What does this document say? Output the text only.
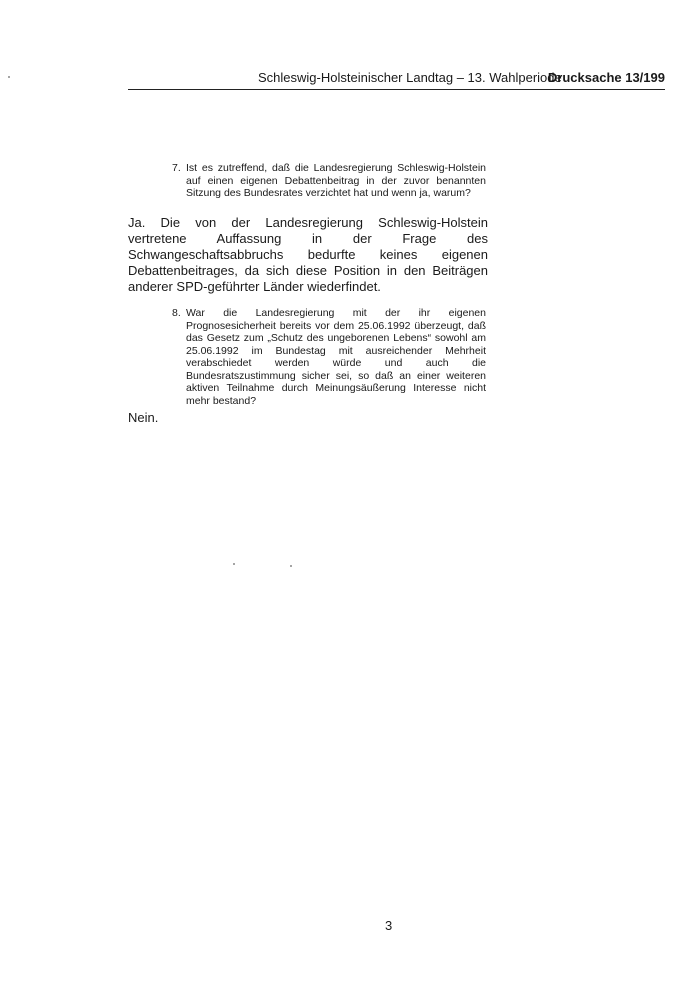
Schleswig-Holsteinischer Landtag – 13. Wahlperiode
Drucksache 13/199
7. Ist es zutreffend, daß die Landesregierung Schleswig-Holstein auf einen eigenen Debattenbeitrag in der zuvor benannten Sitzung des Bundesrates verzichtet hat und wenn ja, warum?
Ja. Die von der Landesregierung Schleswig-Holstein vertretene Auffassung in der Frage des Schwangeschaftsabbruchs bedurfte keines eigenen Debattenbeitrages, da sich diese Position in den Beiträgen anderer SPD-geführter Länder wiederfindet.
8. War die Landesregierung mit der ihr eigenen Prognosesicherheit bereits vor dem 25.06.1992 überzeugt, daß das Gesetz zum „Schutz des ungeborenen Lebens“ sowohl am 25.06.1992 im Bundestag mit ausreichender Mehrheit verabschiedet werden würde und auch die Bundesratszustimmung sicher sei, so daß an einer weiteren aktiven Teilnahme durch Meinungsäußerung Interesse nicht mehr bestand?
Nein.
3
